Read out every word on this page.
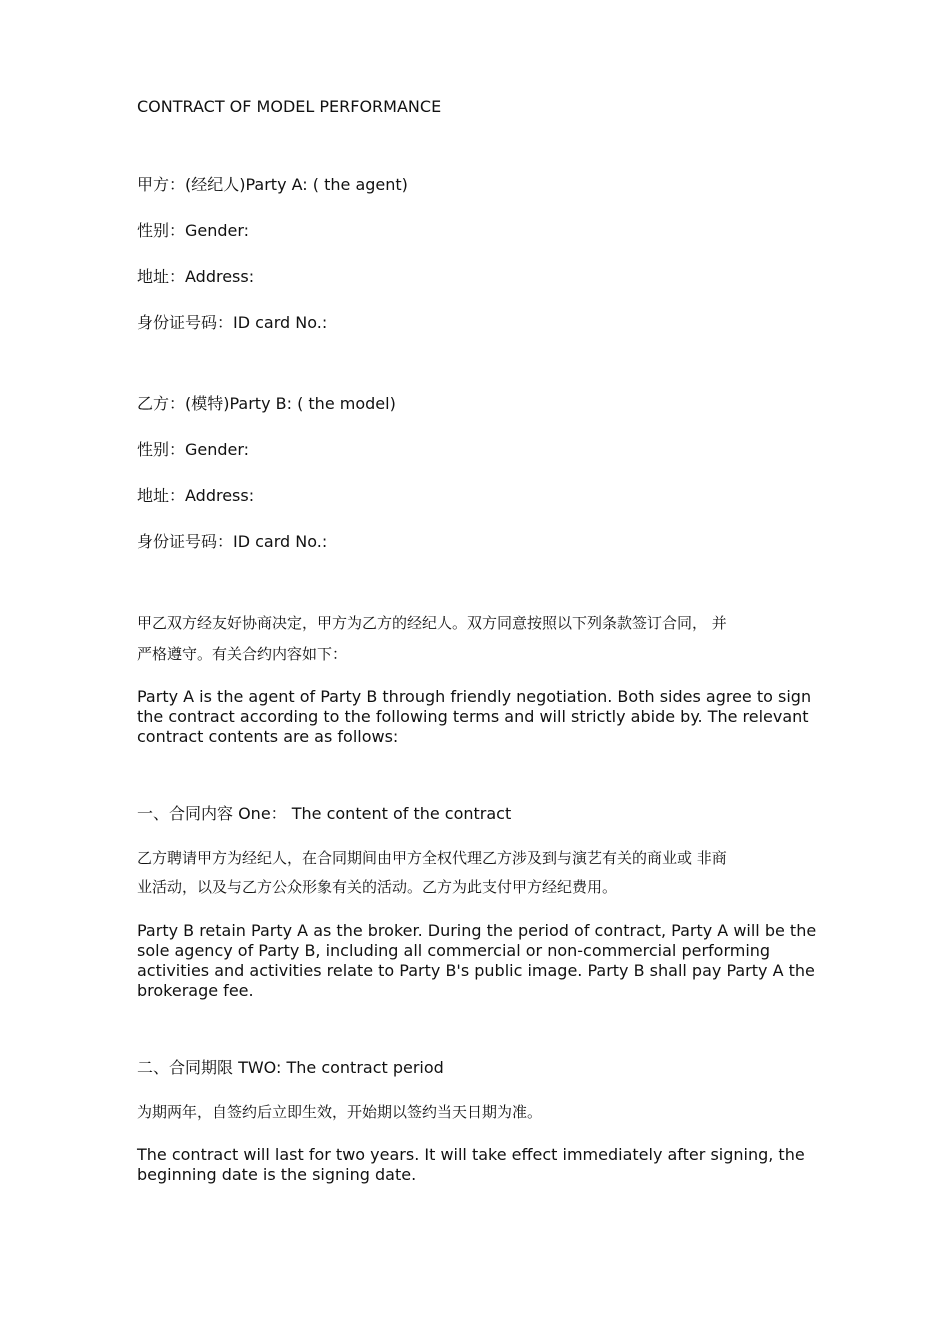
CONTRACT OF MODEL PERFORMANCE

甲方：(经纪人)Party A: ( the agent)

性别：Gender:

地址：Address:

身份证号码：ID card No.:

乙方：(模特)Party B: ( the model)

性别：Gender:

地址：Address:

身份证号码：ID card No.:

甲乙双方经友好协商决定，甲方为乙方的经纪人。双方同意按照以下列条款签订合同， 并

严格遵守。有关合约内容如下：

Party A is the agent of Party B through friendly negotiation. Both sides agree to sign the contract according to the following terms and will strictly abide by. The relevant contract contents are as follows:

一、合同内容 One： The content of the contract

乙方聘请甲方为经纪人，在合同期间由甲方全权代理乙方涉及到与演艺有关的商业或 非商

业活动，以及与乙方公众形象有关的活动。乙方为此支付甲方经纪费用。

Party B retain Party A as the broker. During the period of contract, Party A will be the sole agency of Party B, including all commercial or non-commercial performing activities and activities relate to Party B's public image. Party B shall pay Party A the brokerage fee.

二、合同期限 TWO: The contract period

为期两年，自签约后立即生效，开始期以签约当天日期为准。

The contract will last for two years. It will take effect immediately after signing, the beginning date is the signing date.
